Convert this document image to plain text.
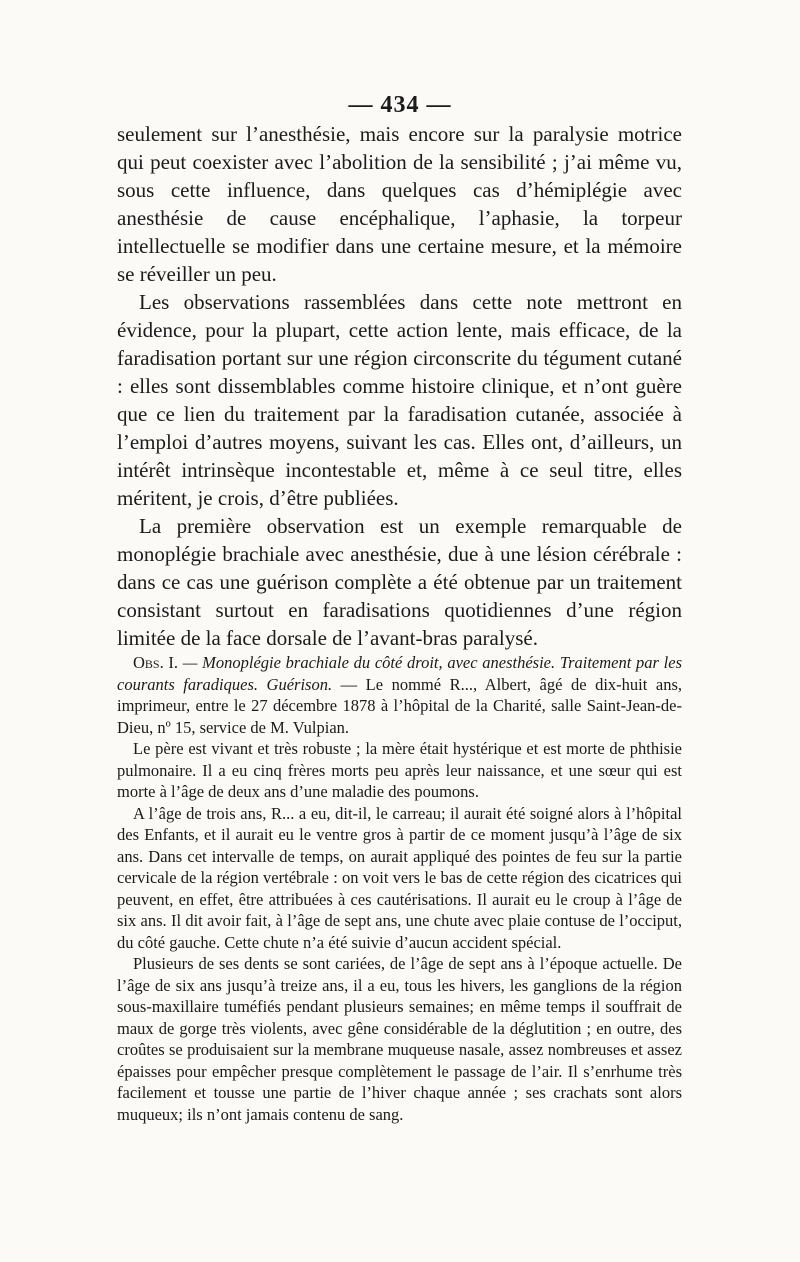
— 434 —

seulement sur l’anesthésie, mais encore sur la paralysie motrice qui peut coexister avec l’abolition de la sensibilité ; j’ai même vu, sous cette influence, dans quelques cas d’hémiplégie avec anesthésie de cause encéphalique, l’aphasie, la torpeur intellectuelle se modifier dans une certaine mesure, et la mémoire se réveiller un peu.

Les observations rassemblées dans cette note mettront en évidence, pour la plupart, cette action lente, mais efficace, de la faradisation portant sur une région circonscrite du tégument cutané : elles sont dissemblables comme histoire clinique, et n’ont guère que ce lien du traitement par la faradisation cutanée, associée à l’emploi d’autres moyens, suivant les cas. Elles ont, d’ailleurs, un intérêt intrinsèque incontestable et, même à ce seul titre, elles méritent, je crois, d’être publiées.

La première observation est un exemple remarquable de monoplégie brachiale avec anesthésie, due à une lésion cérébrale : dans ce cas une guérison complète a été obtenue par un traitement consistant surtout en faradisations quotidiennes d’une région limitée de la face dorsale de l’avant-bras paralysé.

Obs. I. — Monoplégie brachiale du côté droit, avec anesthésie. Traitement par les courants faradiques. Guérison. — Le nommé R..., Albert, âgé de dix-huit ans, imprimeur, entre le 27 décembre 1878 à l’hôpital de la Charité, salle Saint-Jean-de-Dieu, nº 15, service de M. Vulpian.

Le père est vivant et très robuste ; la mère était hystérique et est morte de phthisie pulmonaire. Il a eu cinq frères morts peu après leur naissance, et une sœur qui est morte à l’âge de deux ans d’une maladie des poumons.

A l’âge de trois ans, R... a eu, dit-il, le carreau; il aurait été soigné alors à l’hôpital des Enfants, et il aurait eu le ventre gros à partir de ce moment jusqu’à l’âge de six ans. Dans cet intervalle de temps, on aurait appliqué des pointes de feu sur la partie cervicale de la région vertébrale : on voit vers le bas de cette région des cicatrices qui peuvent, en effet, être attribuées à ces cautérisations. Il aurait eu le croup à l’âge de six ans. Il dit avoir fait, à l’âge de sept ans, une chute avec plaie contuse de l’occiput, du côté gauche. Cette chute n’a été suivie d’aucun accident spécial.

Plusieurs de ses dents se sont cariées, de l’âge de sept ans à l’époque actuelle. De l’âge de six ans jusqu’à treize ans, il a eu, tous les hivers, les ganglions de la région sous-maxillaire tuméfiés pendant plusieurs semaines; en même temps il souffrait de maux de gorge très violents, avec gêne considérable de la déglutition ; en outre, des croûtes se produisaient sur la membrane muqueuse nasale, assez nombreuses et assez épaisses pour empêcher presque complètement le passage de l’air. Il s’enrhume très facilement et tousse une partie de l’hiver chaque année ; ses crachats sont alors muqueux; ils n’ont jamais contenu de sang.
